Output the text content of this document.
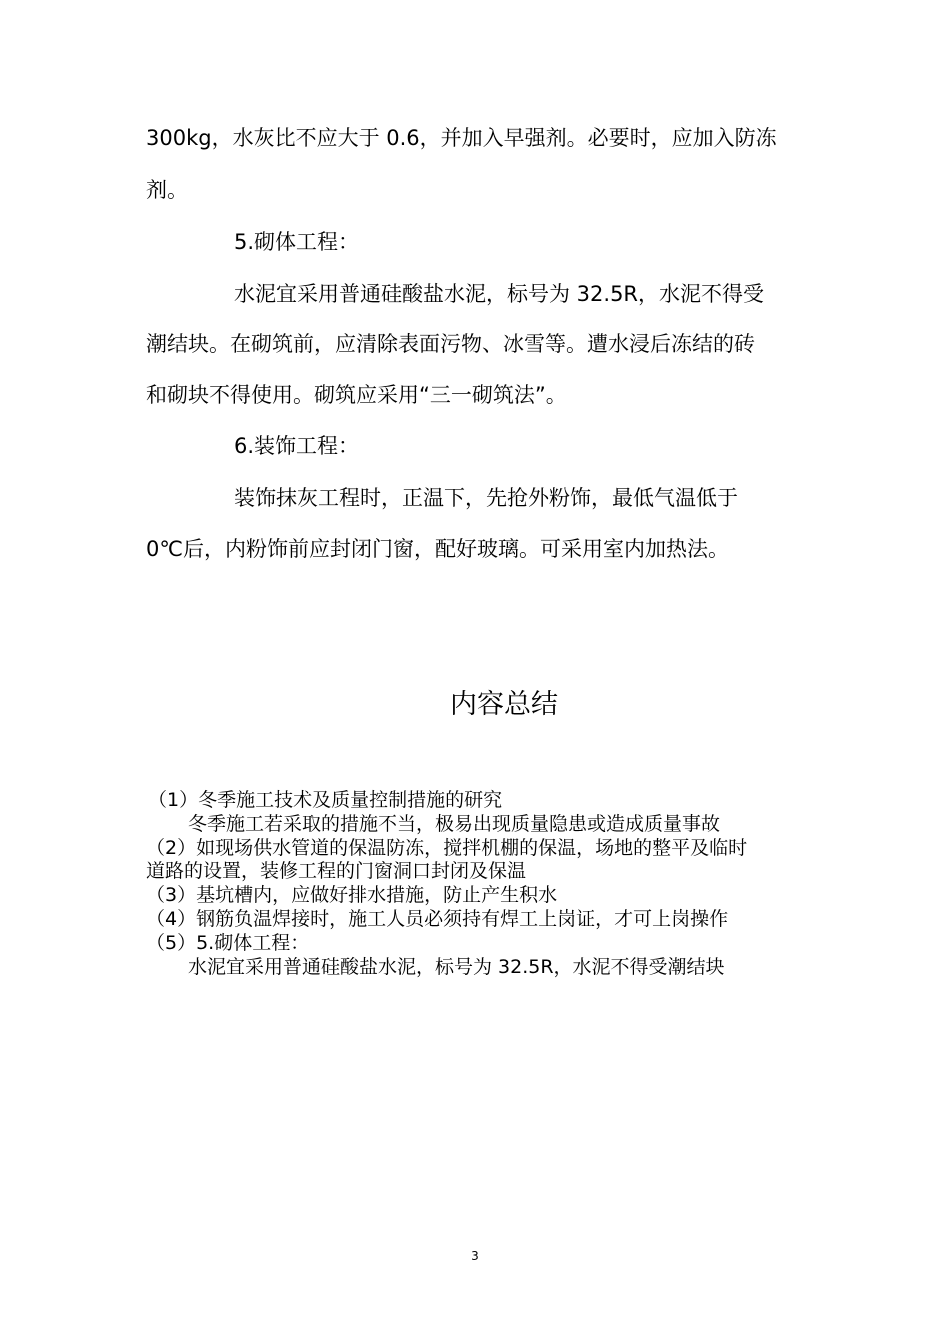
300kg，水灰比不应大于 0.6，并加入早强剂。必要时，应加入防冻
剂。
5.砌体工程：
水泥宜采用普通硅酸盐水泥，标号为 32.5R，水泥不得受
潮结块。在砌筑前，应清除表面污物、冰雪等。遭水浸后冻结的砖
和砌块不得使用。砌筑应采用“三一砌筑法”。
6.装饰工程：
装饰抹灰工程时，正温下，先抢外粉饰，最低气温低于
0℃后，内粉饰前应封闭门窗，配好玻璃。可采用室内加热法。
内容总结
（1）冬季施工技术及质量控制措施的研究
冬季施工若采取的措施不当，极易出现质量隐患或造成质量事故
（2）如现场供水管道的保温防冻，搅拌机棚的保温，场地的整平及临时
道路的设置，装修工程的门窗洞口封闭及保温
（3）基坑槽内，应做好排水措施，防止产生积水
（4）钢筋负温焊接时，施工人员必须持有焊工上岗证，才可上岗操作
（5）5.砌体工程：
水泥宜采用普通硅酸盐水泥，标号为 32.5R，水泥不得受潮结块
3
